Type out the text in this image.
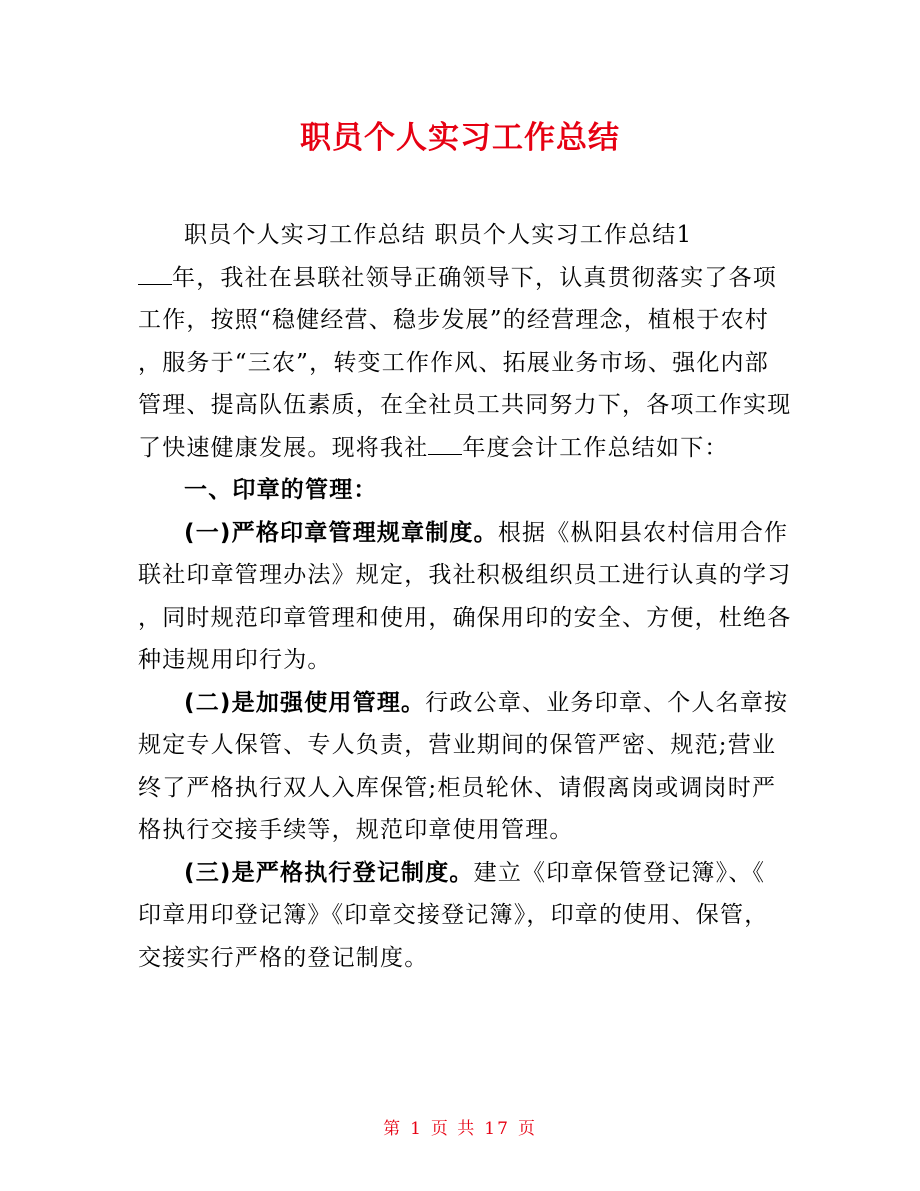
职员个人实习工作总结
职员个人实习工作总结 职员个人实习工作总结1
年，我社在县联社领导正确领导下，认真贯彻落实了各项
工作，按照“稳健经营、稳步发展”的经营理念，植根于农村
，服务于“三农”，转变工作作风、拓展业务市场、强化内部
管理、提高队伍素质，在全社员工共同努力下，各项工作实现
了快速健康发展。现将我社 年度会计工作总结如下：
一、印章的管理：
(一)严格印章管理规章制度。根据《枞阳县农村信用合作
联社印章管理办法》规定，我社积极组织员工进行认真的学习
，同时规范印章管理和使用，确保用印的安全、方便，杜绝各
种违规用印行为。
(二)是加强使用管理。行政公章、业务印章、个人名章按
规定专人保管、专人负责，营业期间的保管严密、规范;营业
终了严格执行双人入库保管;柜员轮休、请假离岗或调岗时严
格执行交接手续等，规范印章使用管理。
(三)是严格执行登记制度。建立《印章保管登记簿》、《
印章用印登记簿》《印章交接登记簿》，印章的使用、保管，
交接实行严格的登记制度。
第 1 页 共 17 页
